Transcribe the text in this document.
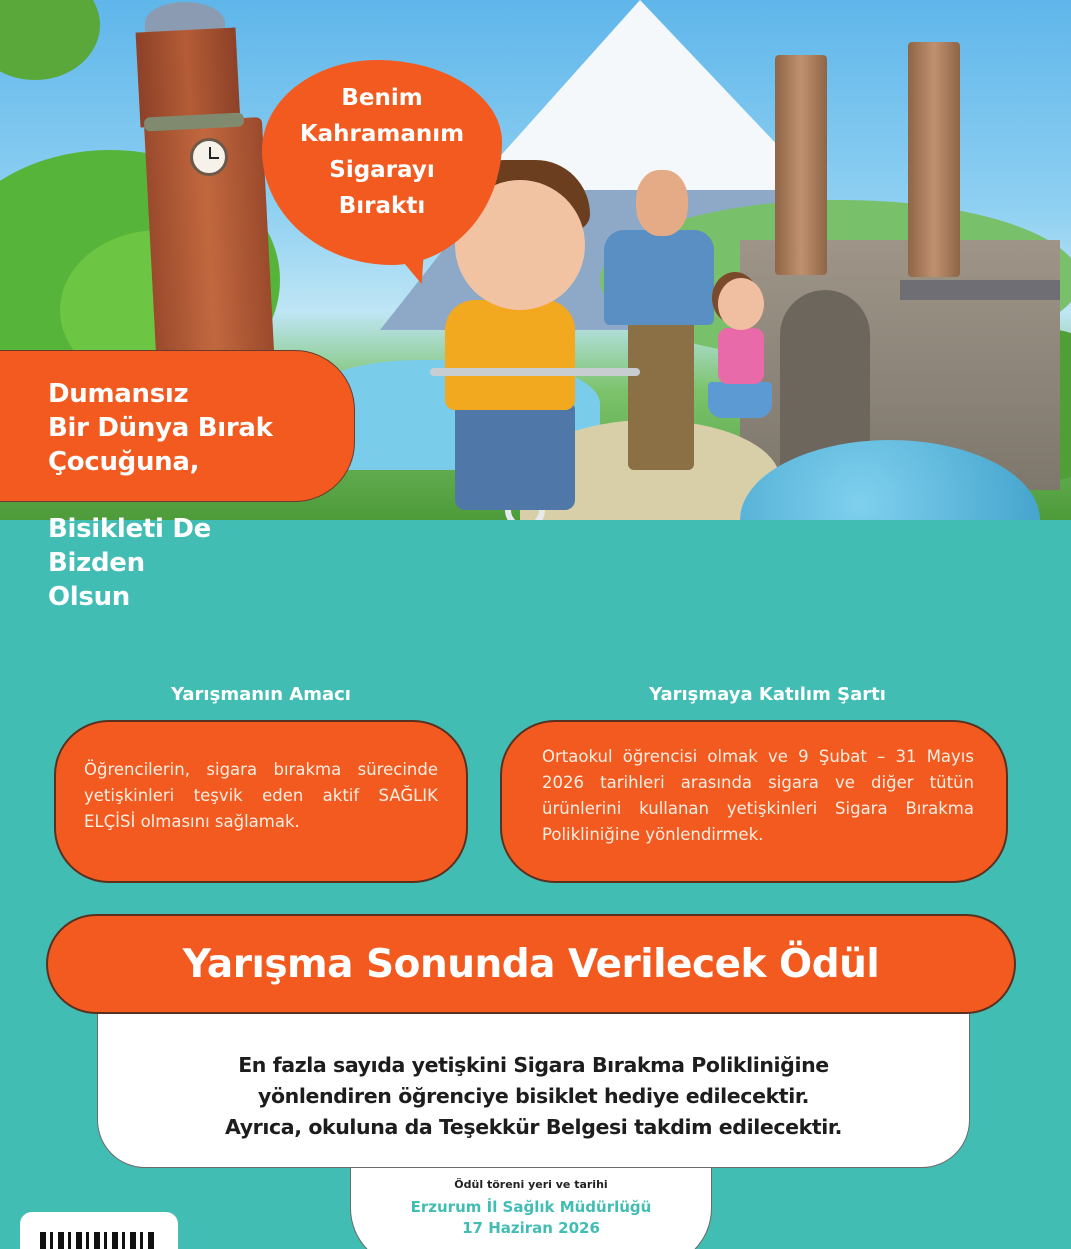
Benim
Kahramanım
Sigarayı
Bıraktı
Dumansız
Bir Dünya Bırak
Çocuğuna,
Bisikleti De
Bizden
Olsun
Yarışmanın Amacı

Öğrencilerin, sigara bırakma sürecinde yetişkinleri teşvik eden aktif SAĞLIK ELÇİSİ olmasını sağlamak.

Yarışmaya Katılım Şartı

Ortaokul öğrencisi olmak ve 9 Şubat – 31 Mayıs 2026 tarihleri arasında sigara ve diğer tütün ürünlerini kullanan yetişkinleri Sigara Bırakma Polikliniğine yönlendirmek.

Yarışma Sonunda Verilecek Ödül
En fazla sayıda yetişkini Sigara Bırakma Polikliniğine
yönlendiren öğrenciye bisiklet hediye edilecektir.
Ayrıca, okuluna da Teşekkür Belgesi takdim edilecektir.
Ödül töreni yeri ve tarihi
Erzurum İl Sağlık Müdürlüğü
17 Haziran 2026
